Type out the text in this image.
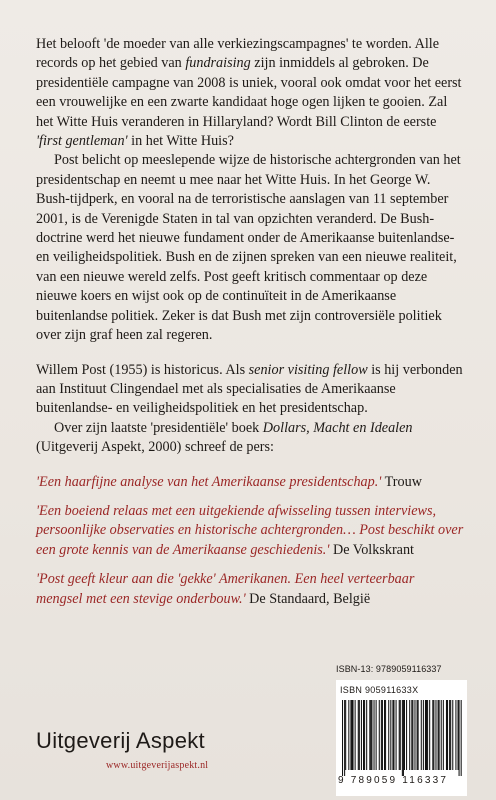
Het belooft 'de moeder van alle verkiezingscampagnes' te worden. Alle records op het gebied van fundraising zijn inmiddels al gebroken. De presidentiële campagne van 2008 is uniek, vooral ook omdat voor het eerst een vrouwelijke en een zwarte kandidaat hoge ogen lijken te gooien. Zal het Witte Huis veranderen in Hillaryland? Wordt Bill Clinton de eerste 'first gentleman' in het Witte Huis?

Post belicht op meeslepende wijze de historische achtergronden van het presidentschap en neemt u mee naar het Witte Huis. In het George W. Bush-tijdperk, en vooral na de terroristische aanslagen van 11 september 2001, is de Verenigde Staten in tal van opzichten veranderd. De Bush-doctrine werd het nieuwe fundament onder de Amerikaanse buitenlandse- en veiligheidspolitiek. Bush en de zijnen spreken van een nieuwe realiteit, van een nieuwe wereld zelfs. Post geeft kritisch commentaar op deze nieuwe koers en wijst ook op de continuïteit in de Amerikaanse buitenlandse politiek. Zeker is dat Bush met zijn controversiële politiek over zijn graf heen zal regeren.

Willem Post (1955) is historicus. Als senior visiting fellow is hij verbonden aan Instituut Clingendael met als specialisaties de Amerikaanse buitenlandse- en veiligheidspolitiek en het presidentschap.

Over zijn laatste 'presidentiële' boek Dollars, Macht en Idealen (Uitgeverij Aspekt, 2000) schreef de pers:

'Een haarfijne analyse van het Amerikaanse presidentschap.' Trouw

'Een boeiend relaas met een uitgekiende afwisseling tussen interviews, persoonlijke observaties en historische achtergronden… Post beschikt over een grote kennis van de Amerikaanse geschiedenis.' De Volkskrant

'Post geeft kleur aan die 'gekke' Amerikanen. Een heel verteerbaar mengsel met een stevige onderbouw.' De Standaard, België

ISBN-13: 9789059116337
ISBN 905911633X
9 789059 116337
Uitgeverij Aspekt
www.uitgeverijaspekt.nl
